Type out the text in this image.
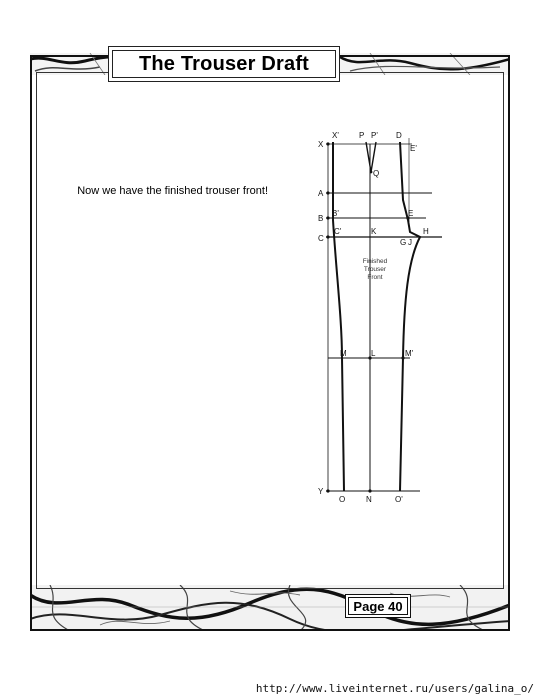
The Trouser Draft
Now we have the finished trouser front!
X'	P P' D
E'
X
Q
A
B
B'	E
C
C'	K
G J
H
Finished
Trouser
Front
M	L	M'
Y
O	N	O'
Page 40
http://www.liveinternet.ru/users/galina_o/
